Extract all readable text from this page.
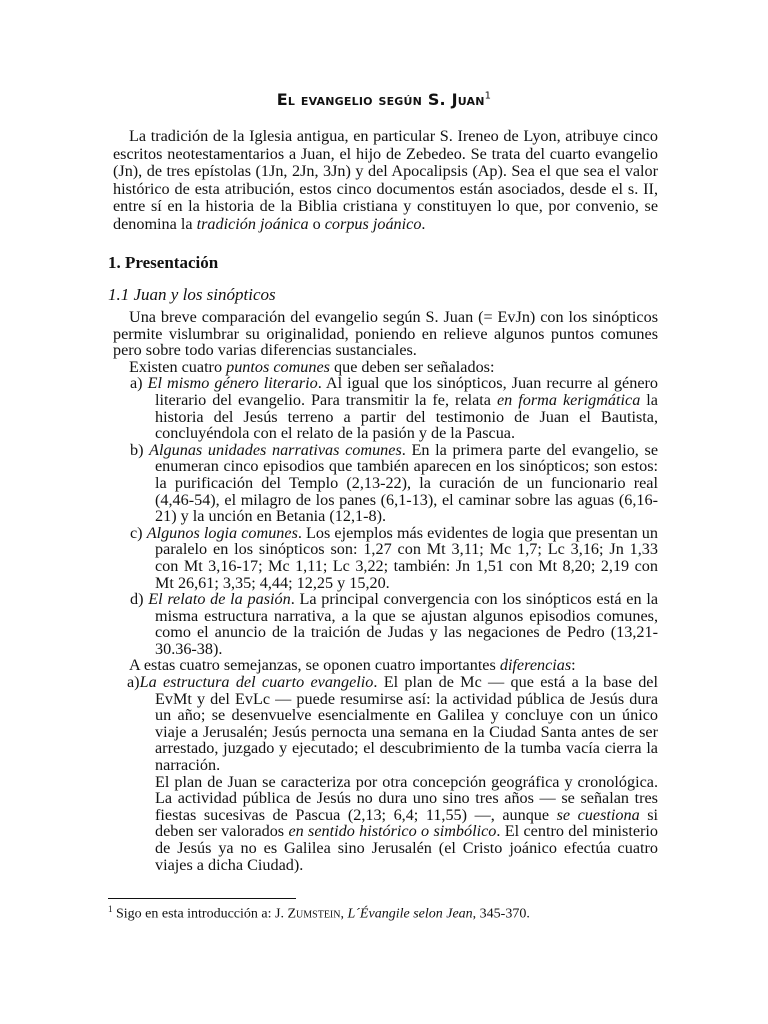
El evangelio según S. Juan$^1$

La tradición de la Iglesia antigua, en particular S. Ireneo de Lyon, atribuye cinco escritos neotestamentarios a Juan, el hijo de Zebedeo. Se trata del cuarto evangelio (Jn), de tres epístolas (1Jn, 2Jn, 3Jn) y del Apocalipsis (Ap). Sea el que sea el valor histórico de esta atribución, estos cinco documentos están asociados, desde el s. II, entre sí en la historia de la Biblia cristiana y constituyen lo que, por convenio, se denomina la tradición joánica o corpus joánico.

1. Presentación
1.1 Juan y los sinópticos

Una breve comparación del evangelio según S. Juan (= EvJn) con los sinópticos permite vislumbrar su originalidad, poniendo en relieve algunos puntos comunes pero sobre todo varias diferencias sustanciales.

Existen cuatro puntos comunes que deben ser señalados:

a) El mismo género literario. Al igual que los sinópticos, Juan recurre al género literario del evangelio. Para transmitir la fe, relata en forma kerigmática la historia del Jesús terreno a partir del testimonio de Juan el Bautista, concluyéndola con el relato de la pasión y de la Pascua.

b) Algunas unidades narrativas comunes. En la primera parte del evangelio, se enumeran cinco episodios que también aparecen en los sinópticos; son estos: la purificación del Templo (2,13-22), la curación de un funcionario real (4,46-54), el milagro de los panes (6,1-13), el caminar sobre las aguas (6,16-21) y la unción en Betania (12,1-8).

c) Algunos logia comunes. Los ejemplos más evidentes de logia que presentan un paralelo en los sinópticos son: 1,27 con Mt 3,11; Mc 1,7; Lc 3,16; Jn 1,33 con Mt 3,16-17; Mc 1,11; Lc 3,22; también: Jn 1,51 con Mt 8,20; 2,19 con Mt 26,61; 3,35; 4,44; 12,25 y 15,20.

d) El relato de la pasión. La principal convergencia con los sinópticos está en la misma estructura narrativa, a la que se ajustan algunos episodios comunes, como el anuncio de la traición de Judas y las negaciones de Pedro (13,21-30.36-38).

A estas cuatro semejanzas, se oponen cuatro importantes diferencias:

a)La estructura del cuarto evangelio. El plan de Mc — que está a la base del EvMt y del EvLc — puede resumirse así: la actividad pública de Jesús dura un año; se desenvuelve esencialmente en Galilea y concluye con un único viaje a Jerusalén; Jesús pernocta una semana en la Ciudad Santa antes de ser arrestado, juzgado y ejecutado; el descubrimiento de la tumba vacía cierra la narración.

El plan de Juan se caracteriza por otra concepción geográfica y cronológica. La actividad pública de Jesús no dura uno sino tres años — se señalan tres fiestas sucesivas de Pascua (2,13; 6,4; 11,55) —, aunque se cuestiona si deben ser valorados en sentido histórico o simbólico. El centro del ministerio de Jesús ya no es Galilea sino Jerusalén (el Cristo joánico efectúa cuatro viajes a dicha Ciudad).

$^1$ Sigo en esta introducción a: J. Zumstein, L´Évangile selon Jean, 345-370.
